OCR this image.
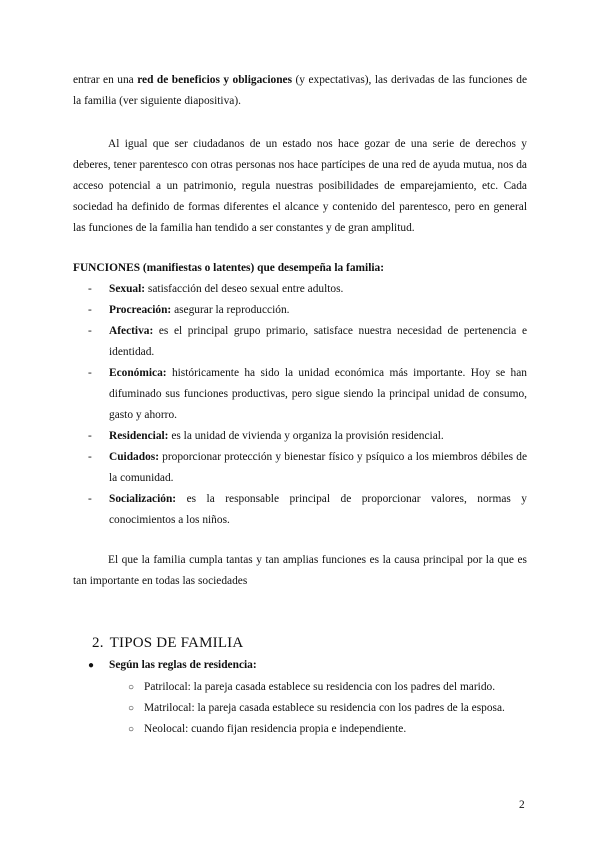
entrar en una red de beneficios y obligaciones (y expectativas), las derivadas de las funciones de la familia (ver siguiente diapositiva).

Al igual que ser ciudadanos de un estado nos hace gozar de una serie de derechos y deberes, tener parentesco con otras personas nos hace partícipes de una red de ayuda mutua, nos da acceso potencial a un patrimonio, regula nuestras posibilidades de emparejamiento, etc. Cada sociedad ha definido de formas diferentes el alcance y contenido del parentesco, pero en general las funciones de la familia han tendido a ser constantes y de gran amplitud.

FUNCIONES (manifiestas o latentes) que desempeña la familia:

- Sexual: satisfacción del deseo sexual entre adultos.
- Procreación: asegurar la reproducción.
- Afectiva: es el principal grupo primario, satisface nuestra necesidad de pertenencia e identidad.
- Económica: históricamente ha sido la unidad económica más importante. Hoy se han difuminado sus funciones productivas, pero sigue siendo la principal unidad de consumo, gasto y ahorro.
- Residencial: es la unidad de vivienda y organiza la provisión residencial.
- Cuidados: proporcionar protección y bienestar físico y psíquico a los miembros débiles de la comunidad.
- Socialización: es la responsable principal de proporcionar valores, normas y conocimientos a los niños.

El que la familia cumpla tantas y tan amplias funciones es la causa principal por la que es tan importante en todas las sociedades

2. TIPOS DE FAMILIA

● Según las reglas de residencia:

○ Patrilocal: la pareja casada establece su residencia con los padres del marido.
○ Matrilocal: la pareja casada establece su residencia con los padres de la esposa.
○ Neolocal: cuando fijan residencia propia e independiente.

2
